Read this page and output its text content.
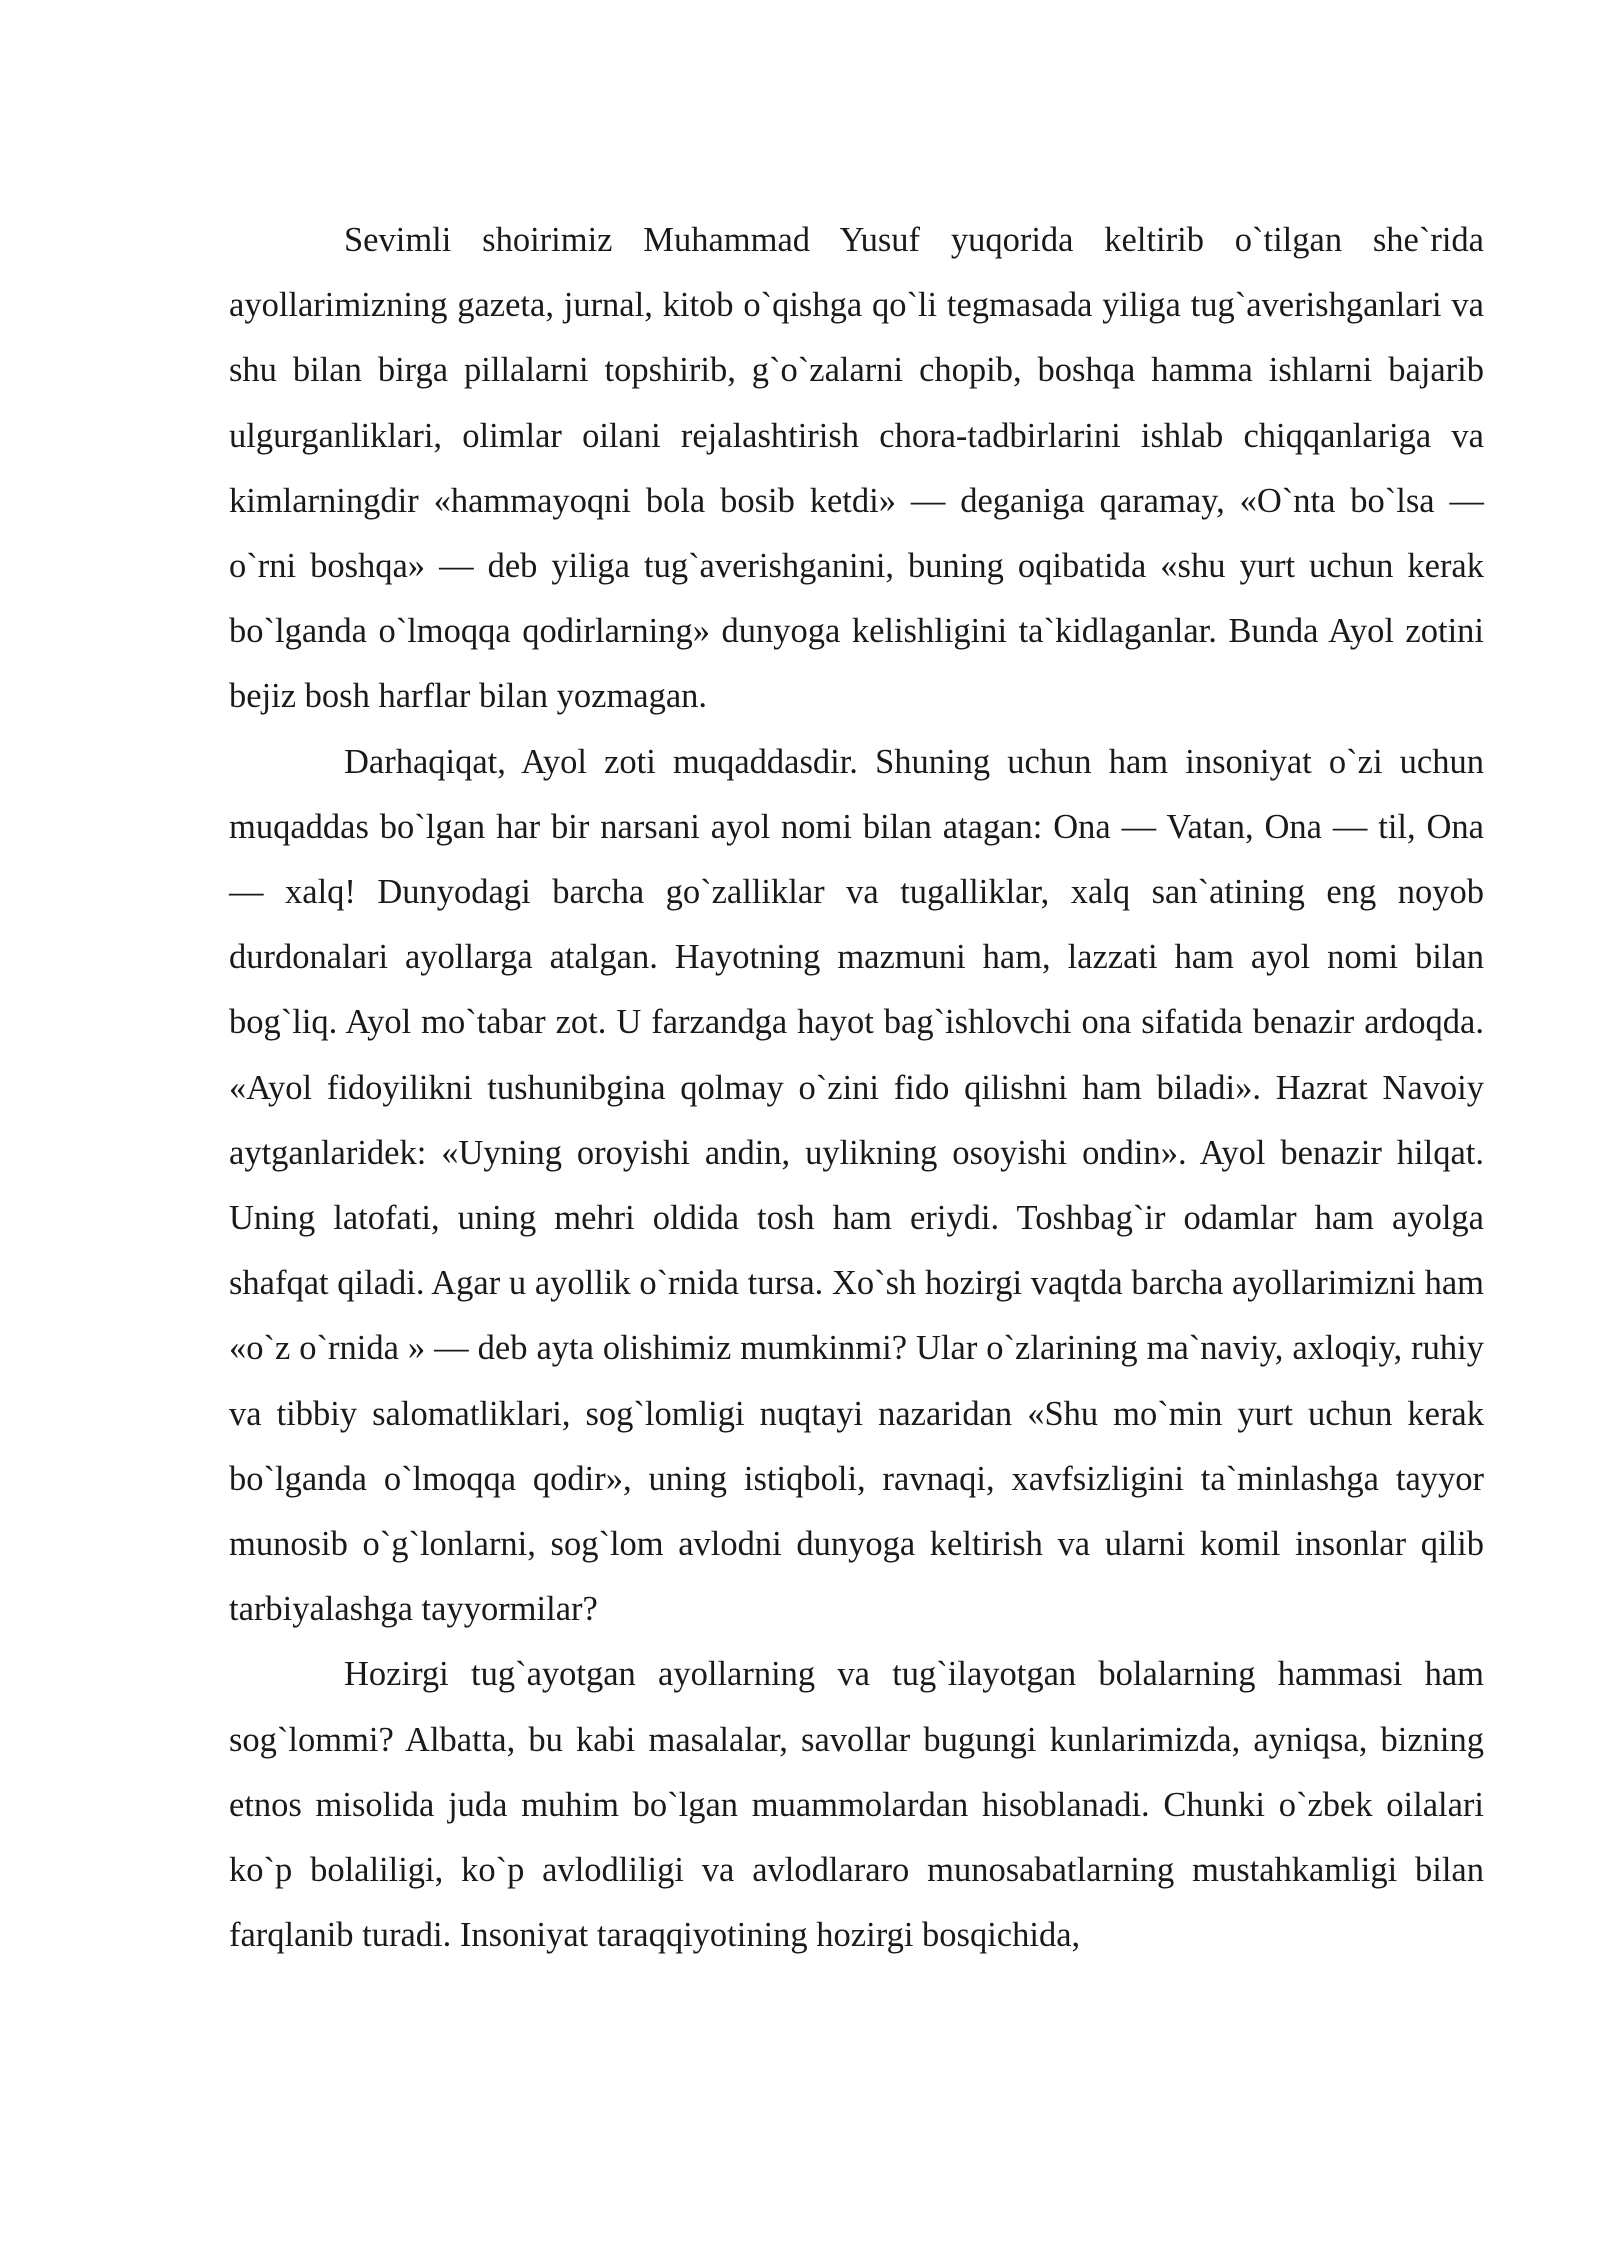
Sevimli shoirimiz Muhammad Yusuf yuqorida keltirib o`tilgan she`rida ayollarimizning gazeta, jurnal, kitob o`qishga qo`li tegmasada yiliga tug`averishganlari va shu bilan birga pillalarni topshirib, g`o`zalarni chopib, boshqa hamma ishlarni bajarib ulgurganliklari, olimlar oilani rejalashtirish chora-tadbirlarini ishlab chiqqanlariga va kimlarningdir «hammayoqni bola bosib ketdi» — deganiga qaramay, «O`nta bo`lsa — o`rni boshqa» — deb yiliga tug`averishganini, buning oqibatida «shu yurt uchun kerak bo`lganda o`lmoqqa qodirlarning» dunyoga kelishligini ta`kidlaganlar. Bunda Ayol zotini bejiz bosh harflar bilan yozmagan.

Darhaqiqat, Ayol zoti muqaddasdir. Shuning uchun ham insoniyat o`zi uchun muqaddas bo`lgan har bir narsani ayol nomi bilan atagan: Ona — Vatan, Ona — til, Ona — xalq! Dunyodagi barcha go`zalliklar va tugalliklar, xalq san`atining eng noyob durdonalari ayollarga atalgan. Hayotning mazmuni ham, lazzati ham ayol nomi bilan bog`liq. Ayol mo`tabar zot. U farzandga hayot bag`ishlovchi ona sifatida benazir ardoqda. «Ayol fidoyilikni tushunibgina qolmay o`zini fido qilishni ham biladi». Hazrat Navoiy aytganlaridek: «Uyning oroyishi andin, uylikning osoyishi ondin». Ayol benazir hilqat. Uning latofati, uning mehri oldida tosh ham eriydi. Toshbag`ir odamlar ham ayolga shafqat qiladi. Agar u ayollik o`rnida tursa. Xo`sh hozirgi vaqtda barcha ayollarimizni ham «o`z o`rnida » — deb ayta olishimiz mumkinmi? Ular o`zlarining ma`naviy, axloqiy, ruhiy va tibbiy salomatliklari, sog`lomligi nuqtayi nazaridan «Shu mo`min yurt uchun kerak bo`lganda o`lmoqqa qodir», uning istiqboli, ravnaqi, xavfsizligini ta`minlashga tayyor munosib o`g`lonlarni, sog`lom avlodni dunyoga keltirish va ularni komil insonlar qilib tarbiyalashga tayyormilar?

Hozirgi tug`ayotgan ayollarning va tug`ilayotgan bolalarning hammasi ham sog`lommi? Albatta, bu kabi masalalar, savollar bugungi kunlarimizda, ayniqsa, bizning etnos misolida juda muhim bo`lgan muammolardan hisoblanadi. Chunki o`zbek oilalari ko`p bolaliligi, ko`p avlodliligi va avlodlararo munosabatlarning mustahkamligi bilan farqlanib turadi. Insoniyat taraqqiyotining hozirgi bosqichida,
